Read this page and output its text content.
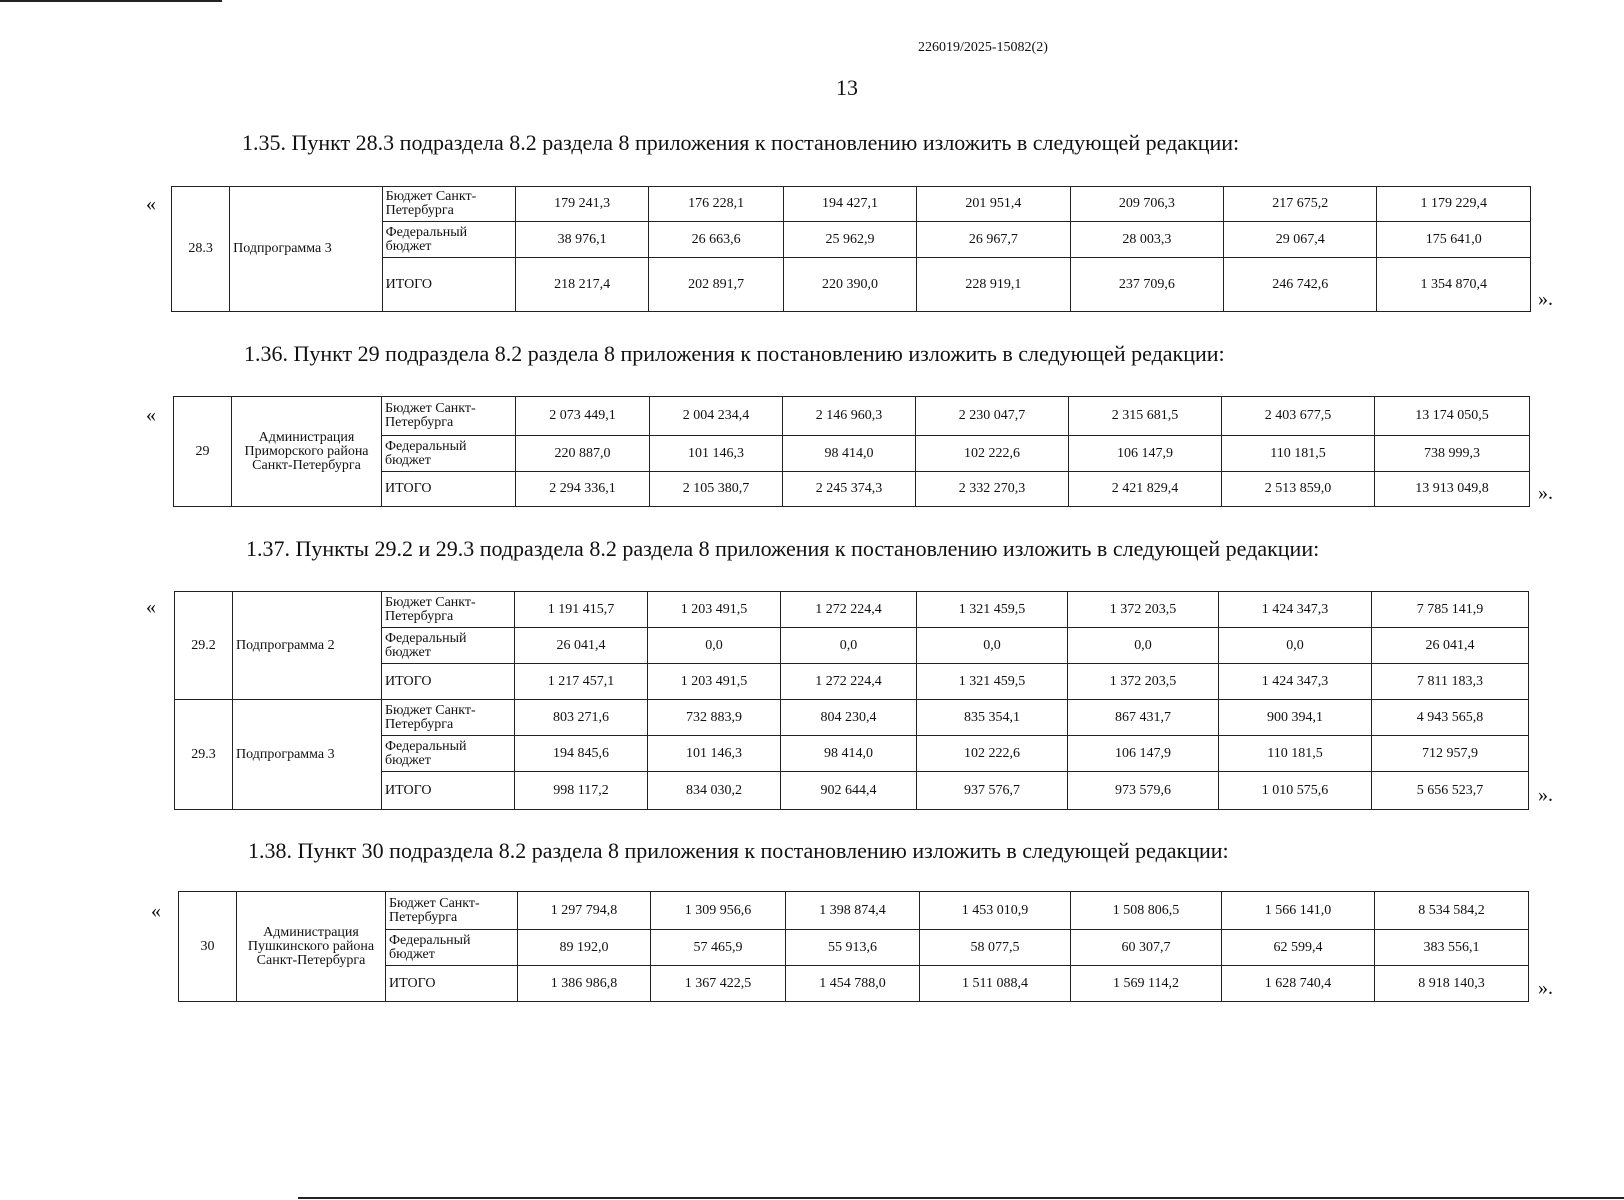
226019/2025-15082(2)
13
1.35. Пункт 28.3 подраздела 8.2 раздела 8 приложения к постановлению изложить в следующей редакции:
«
».
28.3	Подпрограмма 3	Бюджет Санкт-Петербурга	179 241,3	176 228,1	194 427,1	201 951,4	209 706,3	217 675,2	1 179 229,4
		Федеральный бюджет	38 976,1	26 663,6	25 962,9	26 967,7	28 003,3	29 067,4	175 641,0
		ИТОГО	218 217,4	202 891,7	220 390,0	228 919,1	237 709,6	246 742,6	1 354 870,4
1.36. Пункт 29 подраздела 8.2 раздела 8 приложения к постановлению изложить в следующей редакции:
«
».
29	Администрация Приморского района Санкт-Петербурга	Бюджет Санкт-Петербурга	2 073 449,1	2 004 234,4	2 146 960,3	2 230 047,7	2 315 681,5	2 403 677,5	13 174 050,5
		Федеральный бюджет	220 887,0	101 146,3	98 414,0	102 222,6	106 147,9	110 181,5	738 999,3
		ИТОГО	2 294 336,1	2 105 380,7	2 245 374,3	2 332 270,3	2 421 829,4	2 513 859,0	13 913 049,8
1.37. Пункты 29.2 и 29.3 подраздела 8.2 раздела 8 приложения к постановлению изложить в следующей редакции:
«
».
29.2	Подпрограмма 2	Бюджет Санкт-Петербурга	1 191 415,7	1 203 491,5	1 272 224,4	1 321 459,5	1 372 203,5	1 424 347,3	7 785 141,9
		Федеральный бюджет	26 041,4	0,0	0,0	0,0	0,0	0,0	26 041,4
		ИТОГО	1 217 457,1	1 203 491,5	1 272 224,4	1 321 459,5	1 372 203,5	1 424 347,3	7 811 183,3
29.3	Подпрограмма 3	Бюджет Санкт-Петербурга	803 271,6	732 883,9	804 230,4	835 354,1	867 431,7	900 394,1	4 943 565,8
		Федеральный бюджет	194 845,6	101 146,3	98 414,0	102 222,6	106 147,9	110 181,5	712 957,9
		ИТОГО	998 117,2	834 030,2	902 644,4	937 576,7	973 579,6	1 010 575,6	5 656 523,7
1.38. Пункт 30 подраздела 8.2 раздела 8 приложения к постановлению изложить в следующей редакции:
«
».
30	Администрация Пушкинского района Санкт-Петербурга	Бюджет Санкт-Петербурга	1 297 794,8	1 309 956,6	1 398 874,4	1 453 010,9	1 508 806,5	1 566 141,0	8 534 584,2
		Федеральный бюджет	89 192,0	57 465,9	55 913,6	58 077,5	60 307,7	62 599,4	383 556,1
		ИТОГО	1 386 986,8	1 367 422,5	1 454 788,0	1 511 088,4	1 569 114,2	1 628 740,4	8 918 140,3
